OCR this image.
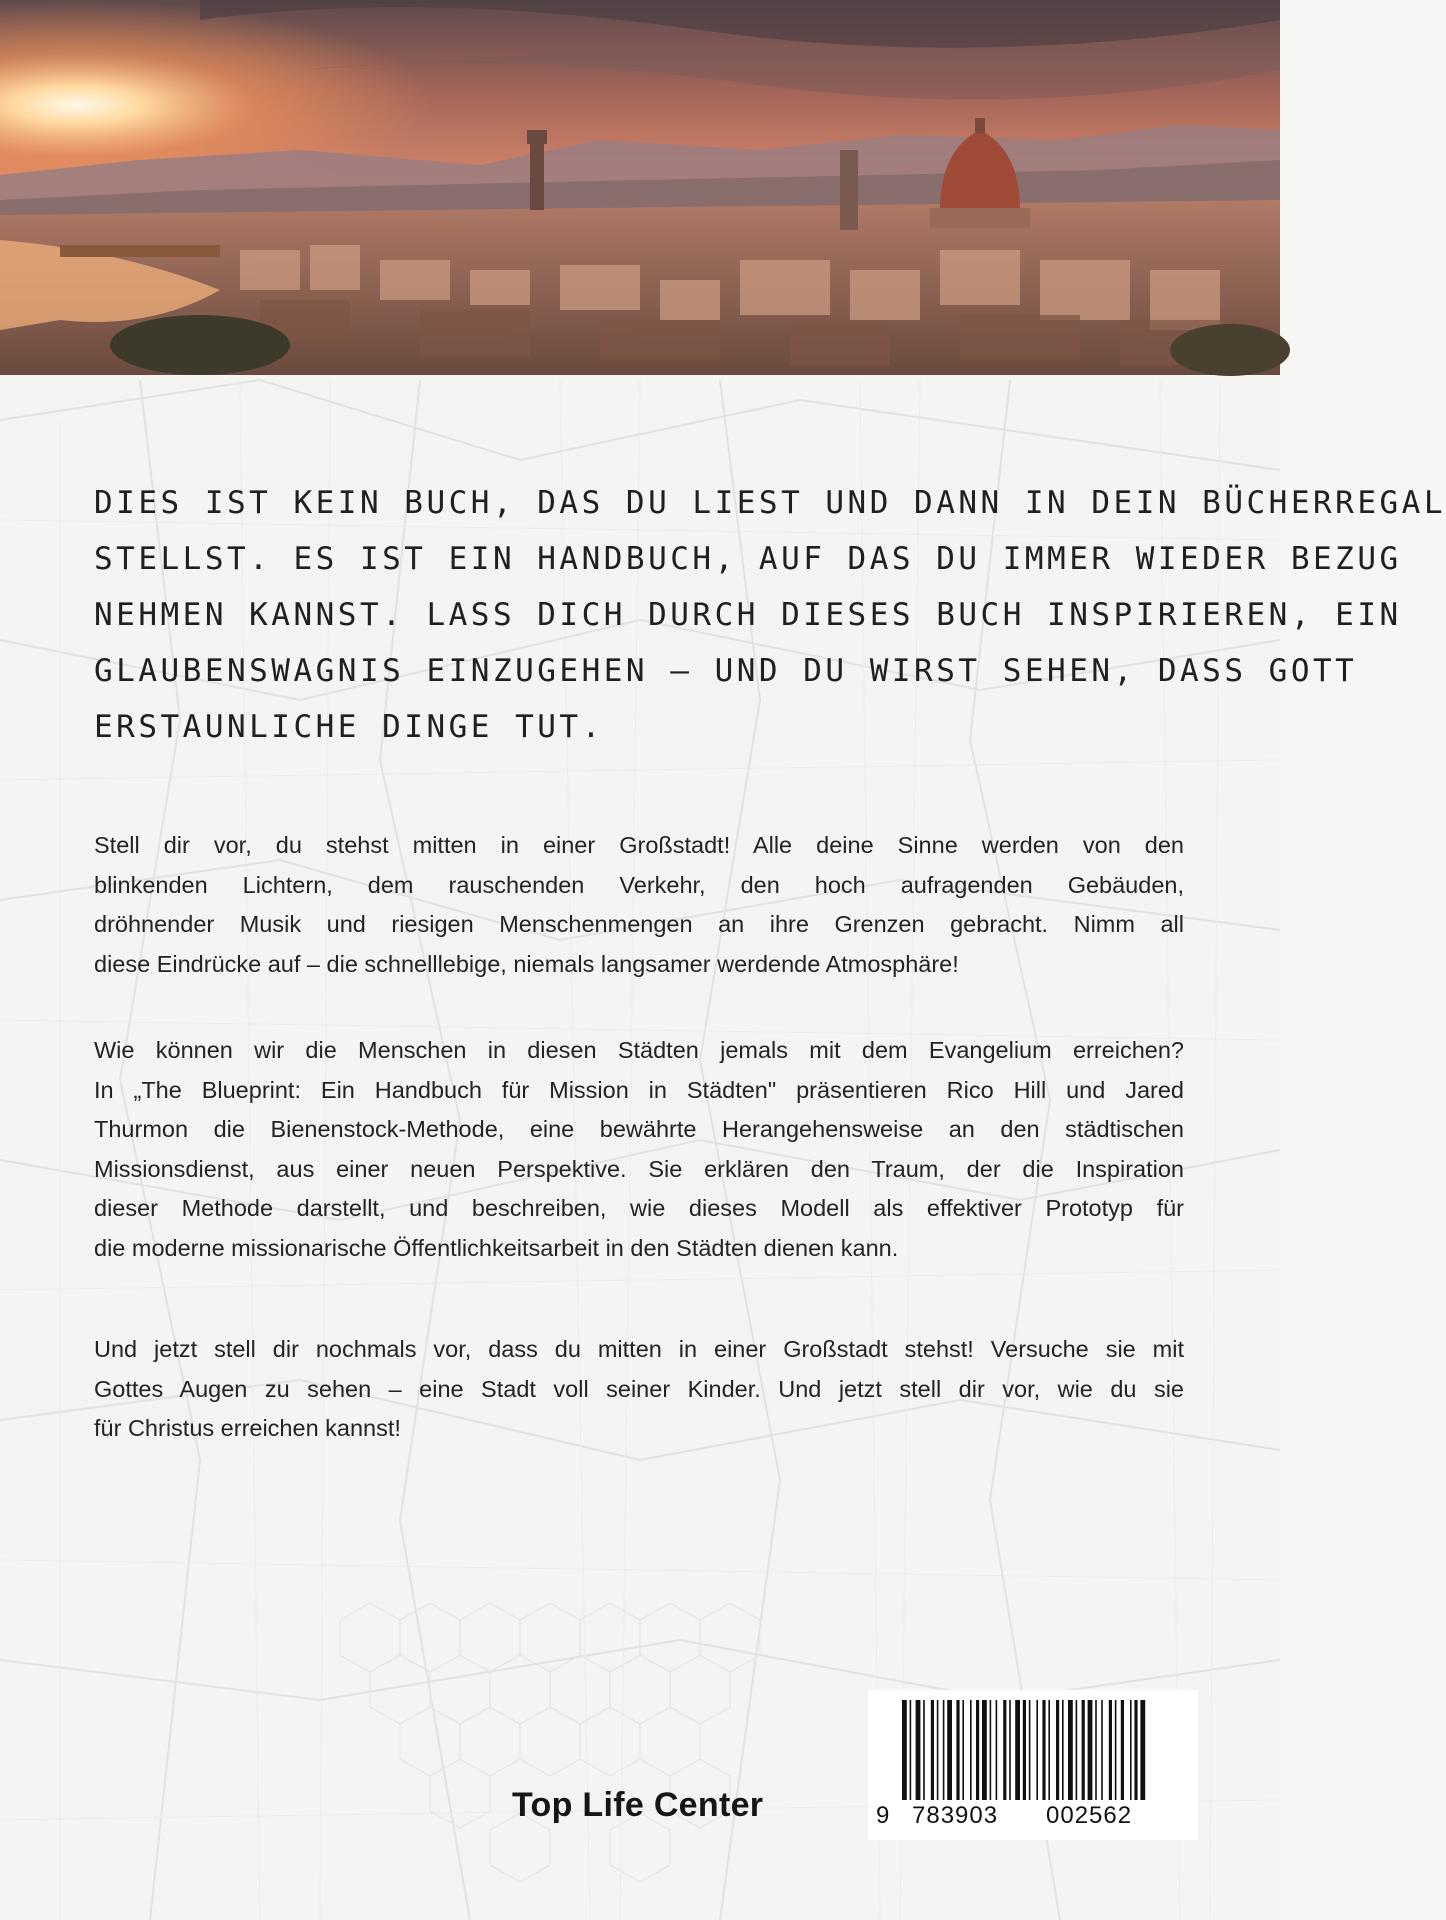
DIES IST KEIN BUCH, DAS DU LIEST UND DANN IN DEIN BÜCHERREGAL
STELLST. ES IST EIN HANDBUCH, AUF DAS DU IMMER WIEDER BEZUG
NEHMEN KANNST. LASS DICH DURCH DIESES BUCH INSPIRIEREN, EIN
GLAUBENSWAGNIS EINZUGEHEN – UND DU WIRST SEHEN, DASS GOTT
ERSTAUNLICHE DINGE TUT.
Stell dir vor, du stehst mitten in einer Großstadt! Alle deine Sinne werden von den
blinkenden Lichtern, dem rauschenden Verkehr, den hoch aufragenden Gebäuden,
dröhnender Musik und riesigen Menschenmengen an ihre Grenzen gebracht. Nimm all
diese Eindrücke auf – die schnelllebige, niemals langsamer werdende Atmosphäre!
Wie können wir die Menschen in diesen Städten jemals mit dem Evangelium erreichen?
In „The Blueprint: Ein Handbuch für Mission in Städten" präsentieren Rico Hill und Jared
Thurmon die Bienenstock-Methode, eine bewährte Herangehensweise an den städtischen
Missionsdienst, aus einer neuen Perspektive. Sie erklären den Traum, der die Inspiration
dieser Methode darstellt, und beschreiben, wie dieses Modell als effektiver Prototyp für
die moderne missionarische Öffentlichkeitsarbeit in den Städten dienen kann.
Und jetzt stell dir nochmals vor, dass du mitten in einer Großstadt stehst! Versuche sie mit
Gottes Augen zu sehen – eine Stadt voll seiner Kinder. Und jetzt stell dir vor, wie du sie
für Christus erreichen kannst!
Top Life Center	9 783903 002562
